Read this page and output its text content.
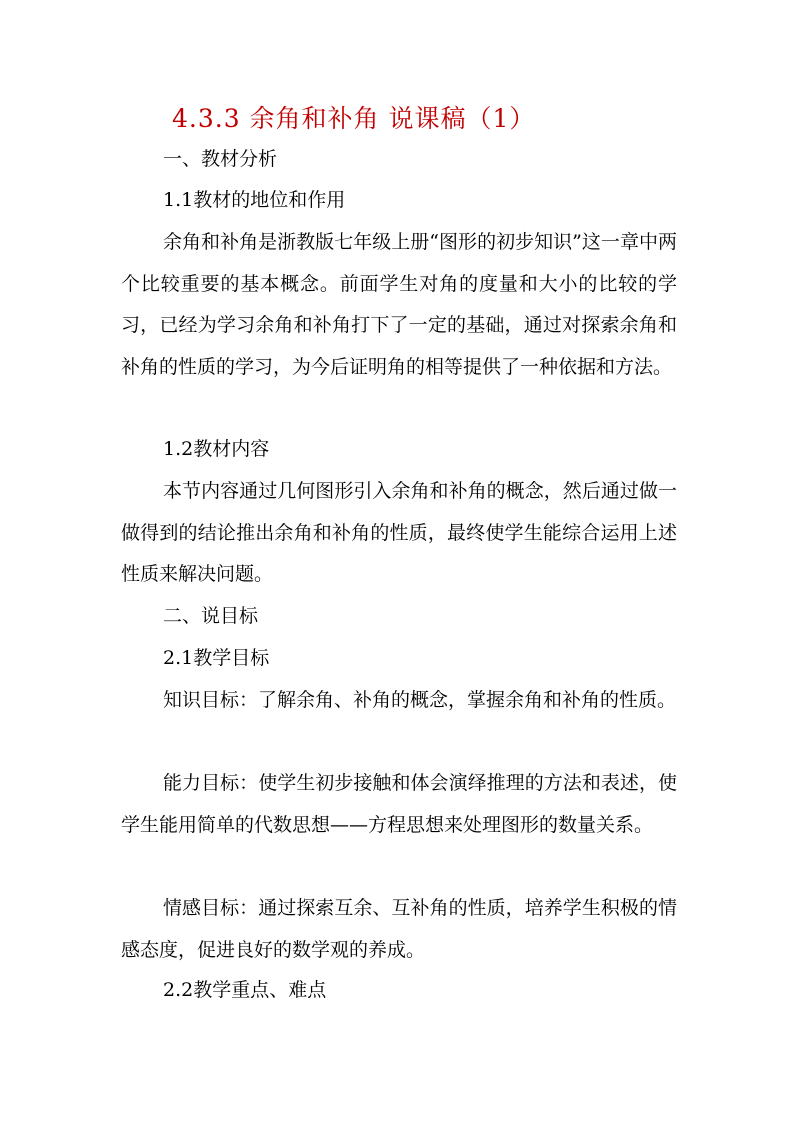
4.3.3 余角和补角 说课稿（1）
一、教材分析
1.1教材的地位和作用

余角和补角是浙教版七年级上册“图形的初步知识”这一章中两个比较重要的基本概念。前面学生对角的度量和大小的比较的学习，已经为学习余角和补角打下了一定的基础，通过对探索余角和补角的性质的学习，为今后证明角的相等提供了一种依据和方法。

1.2教材内容

本节内容通过几何图形引入余角和补角的概念，然后通过做一做得到的结论推出余角和补角的性质，最终使学生能综合运用上述性质来解决问题。

二、说目标
2.1教学目标

知识目标：了解余角、补角的概念，掌握余角和补角的性质。

能力目标：使学生初步接触和体会演绎推理的方法和表述，使学生能用简单的代数思想——方程思想来处理图形的数量关系。

情感目标：通过探索互余、互补角的性质，培养学生积极的情感态度，促进良好的数学观的养成。

2.2教学重点、难点
